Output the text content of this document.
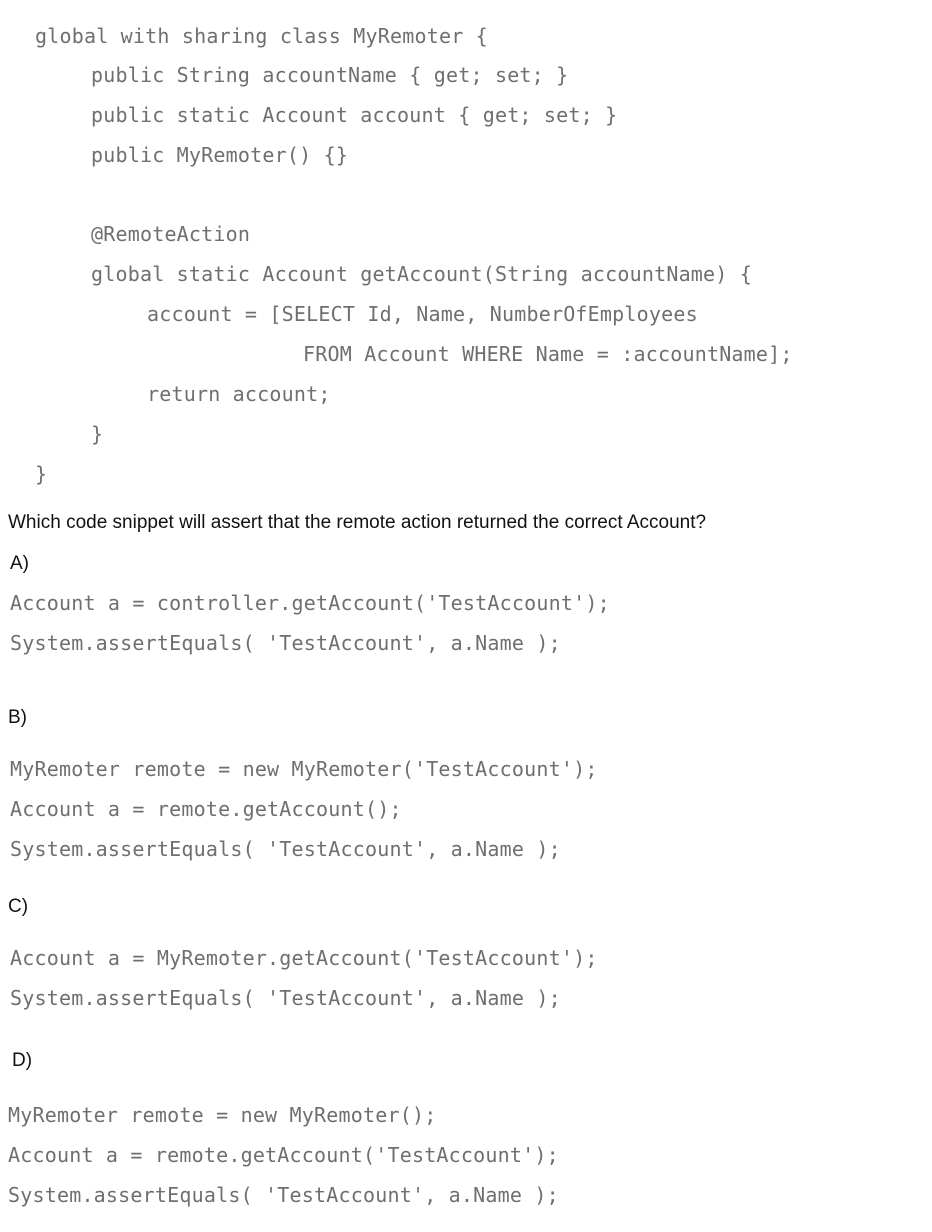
global with sharing class MyRemoter {
public String accountName { get; set; }
public static Account account { get; set; }
public MyRemoter() {}
@RemoteAction
global static Account getAccount(String accountName) {
account = [SELECT Id, Name, NumberOfEmployees
FROM Account WHERE Name = :accountName];
return account;
}
}
Which code snippet will assert that the remote action returned the correct Account?
A)
Account a = controller.getAccount('TestAccount');
System.assertEquals( 'TestAccount', a.Name );
B)
MyRemoter remote = new MyRemoter('TestAccount');
Account a = remote.getAccount();
System.assertEquals( 'TestAccount', a.Name );
C)
Account a = MyRemoter.getAccount('TestAccount');
System.assertEquals( 'TestAccount', a.Name );
D)
MyRemoter remote = new MyRemoter();
Account a = remote.getAccount('TestAccount');
System.assertEquals( 'TestAccount', a.Name );
